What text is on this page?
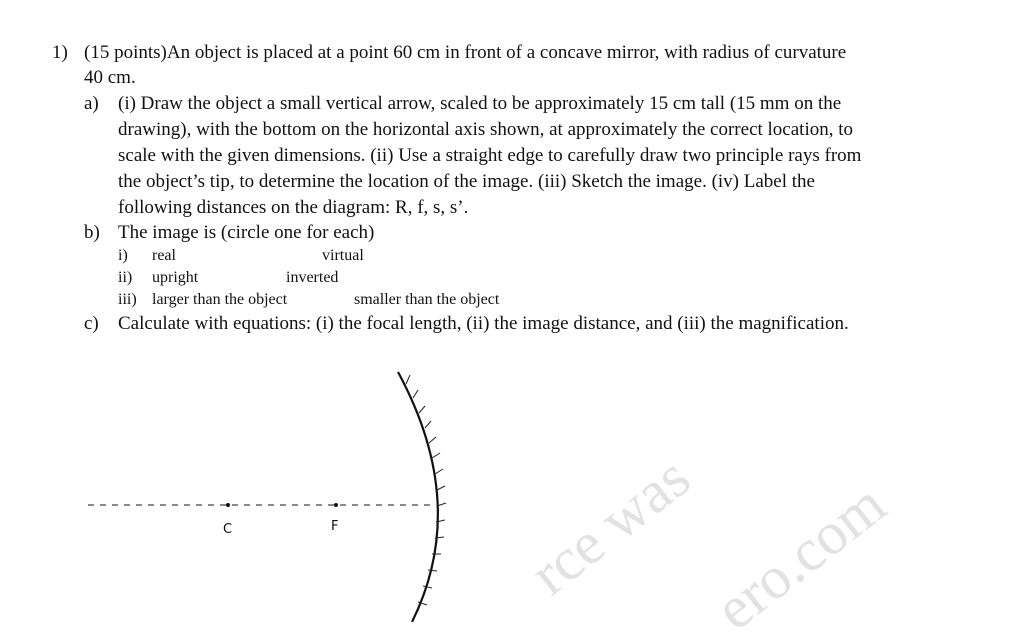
rce was ero.com
1) (15 points)An object is placed at a point 60 cm in front of a concave mirror, with radius of curvature
40 cm.
a) (i) Draw the object a small vertical arrow, scaled to be approximately 15 cm tall (15 mm on the
drawing), with the bottom on the horizontal axis shown, at approximately the correct location, to
scale with the given dimensions. (ii) Use a straight edge to carefully draw two principle rays from
the object’s tip, to determine the location of the image. (iii) Sketch the image. (iv) Label the
following distances on the diagram: R, f, s, s’.
b) The image is (circle one for each)
i) real	virtual
ii) upright	inverted
iii) larger than the object	smaller than the object
c) Calculate with equations: (i) the focal length, (ii) the image distance, and (iii) the magnification.
C	F
